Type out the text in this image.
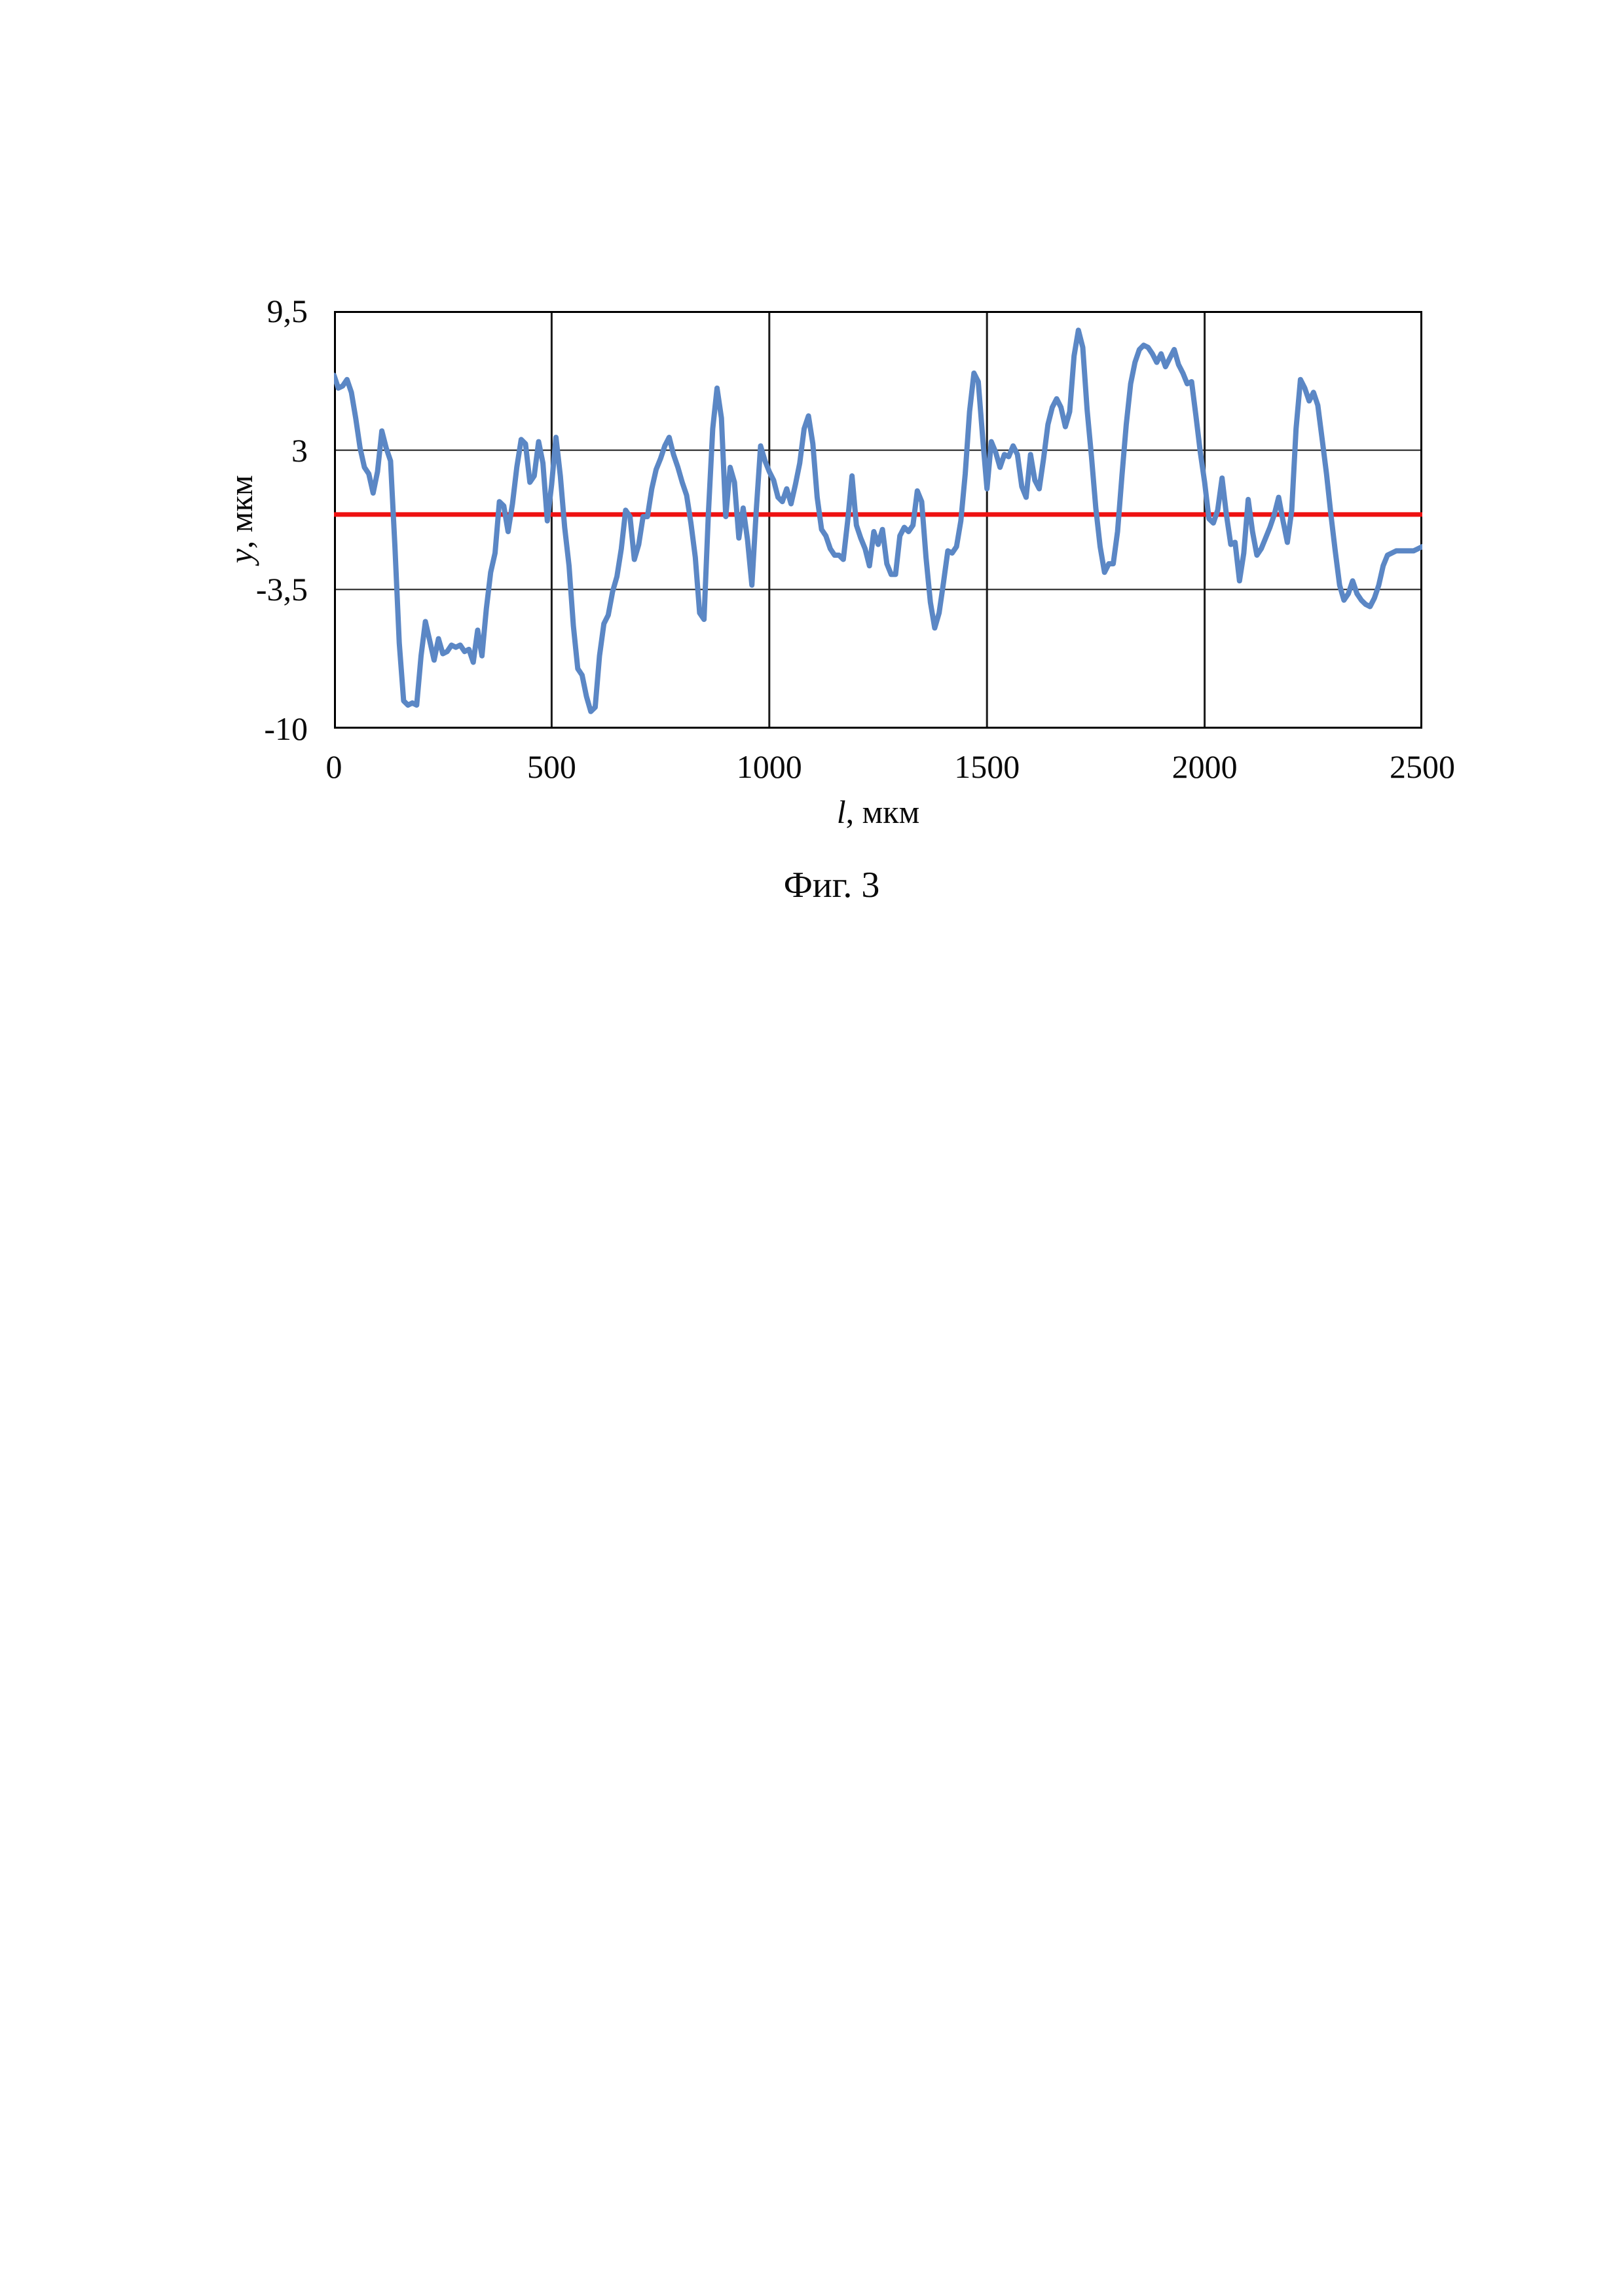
9,5
3
-3,5
-10
0	500	1000	1500	2000	2500
у, мкм
l, мкм
Фиг. 3
